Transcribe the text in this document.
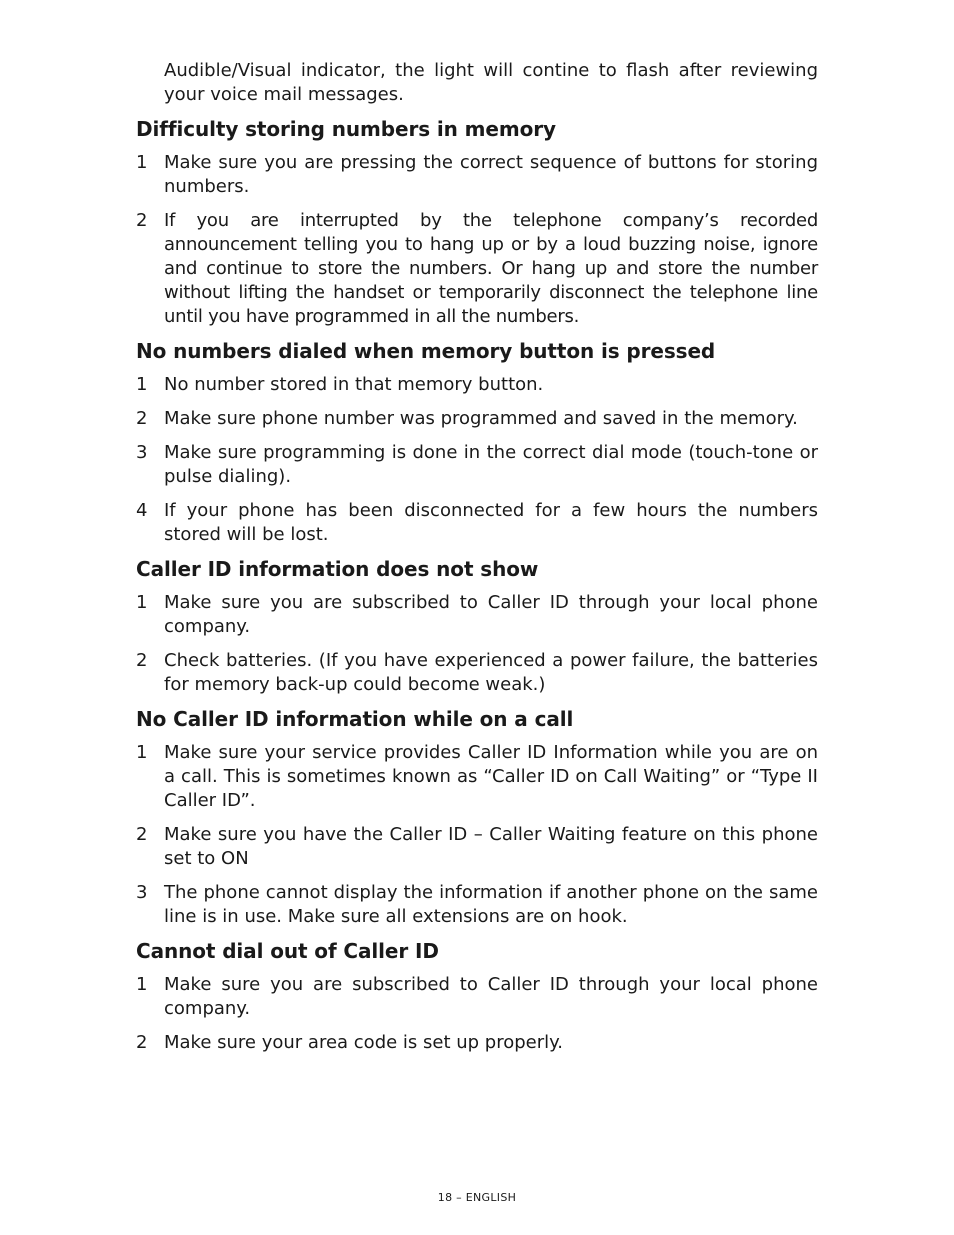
Audible/Visual indicator, the light will contine to flash after reviewing your voice mail messages.

Difficulty storing numbers in memory
1 Make sure you are pressing the correct sequence of buttons for storing numbers.
2 If you are interrupted by the telephone company’s recorded announcement telling you to hang up or by a loud buzzing noise, ignore and continue to store the numbers. Or hang up and store the number without lifting the handset or temporarily disconnect the telephone line until you have programmed in all the numbers.
No numbers dialed when memory button is pressed
1 No number stored in that memory button.
2 Make sure phone number was programmed and saved in the memory.
3 Make sure programming is done in the correct dial mode (touch-tone or pulse dialing).
4 If your phone has been disconnected for a few hours the numbers stored will be lost.
Caller ID information does not show
1 Make sure you are subscribed to Caller ID through your local phone company.
2 Check batteries. (If you have experienced a power failure, the batteries for memory back-up could become weak.)
No Caller ID information while on a call
1 Make sure your service provides Caller ID Information while you are on a call. This is sometimes known as “Caller ID on Call Waiting” or “Type II Caller ID”.
2 Make sure you have the Caller ID – Caller Waiting feature on this phone set to ON
3 The phone cannot display the information if another phone on the same line is in use. Make sure all extensions are on hook.
Cannot dial out of Caller ID
1 Make sure you are subscribed to Caller ID through your local phone company.
2 Make sure your area code is set up properly.
18 – ENGLISH
